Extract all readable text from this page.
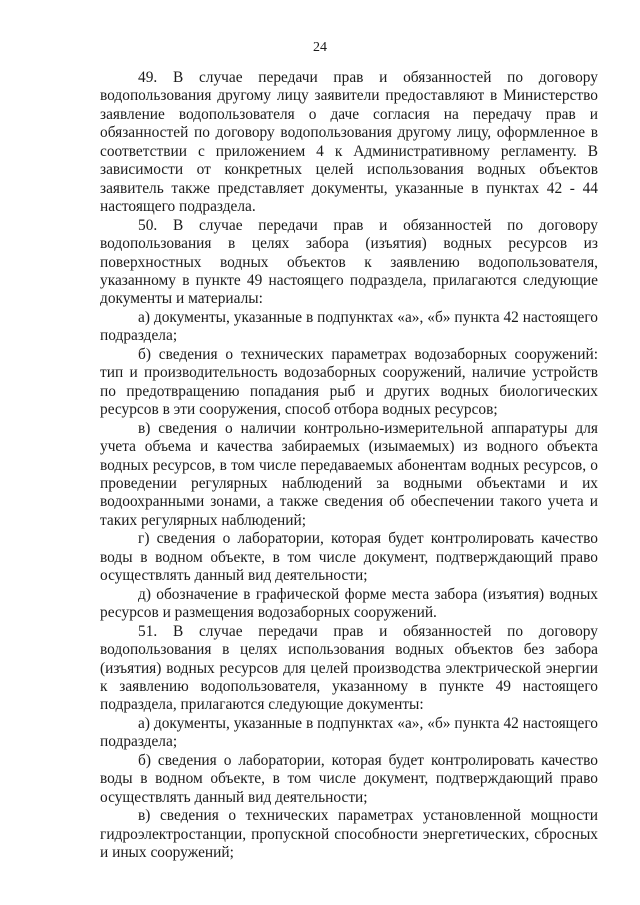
24

49. В случае передачи прав и обязанностей по договору водопользования другому лицу заявители предоставляют в Министерство заявление водопользователя о даче согласия на передачу прав и обязанностей по договору водопользования другому лицу, оформленное в соответствии с приложением 4 к Административному регламенту. В зависимости от конкретных целей использования водных объектов заявитель также представляет документы, указанные в пунктах 42 - 44 настоящего подраздела.

50. В случае передачи прав и обязанностей по договору водопользования в целях забора (изъятия) водных ресурсов из поверхностных водных объектов к заявлению водопользователя, указанному в пункте 49 настоящего подраздела, прилагаются следующие документы и материалы:

а) документы, указанные в подпунктах «а», «б» пункта 42 настоящего подраздела;

б) сведения о технических параметрах водозаборных сооружений: тип и производительность водозаборных сооружений, наличие устройств по предотвращению попадания рыб и других водных биологических ресурсов в эти сооружения, способ отбора водных ресурсов;

в) сведения о наличии контрольно-измерительной аппаратуры для учета объема и качества забираемых (изымаемых) из водного объекта водных ресурсов, в том числе передаваемых абонентам водных ресурсов, о проведении регулярных наблюдений за водными объектами и их водоохранными зонами, а также сведения об обеспечении такого учета и таких регулярных наблюдений;

г) сведения о лаборатории, которая будет контролировать качество воды в водном объекте, в том числе документ, подтверждающий право осуществлять данный вид деятельности;

д) обозначение в графической форме места забора (изъятия) водных ресурсов и размещения водозаборных сооружений.

51. В случае передачи прав и обязанностей по договору водопользования в целях использования водных объектов без забора (изъятия) водных ресурсов для целей производства электрической энергии к заявлению водопользователя, указанному в пункте 49 настоящего подраздела, прилагаются следующие документы:

а) документы, указанные в подпунктах «а», «б» пункта 42 настоящего подраздела;

б) сведения о лаборатории, которая будет контролировать качество воды в водном объекте, в том числе документ, подтверждающий право осуществлять данный вид деятельности;

в) сведения о технических параметрах установленной мощности гидроэлектростанции, пропускной способности энергетических, сбросных и иных сооружений;
